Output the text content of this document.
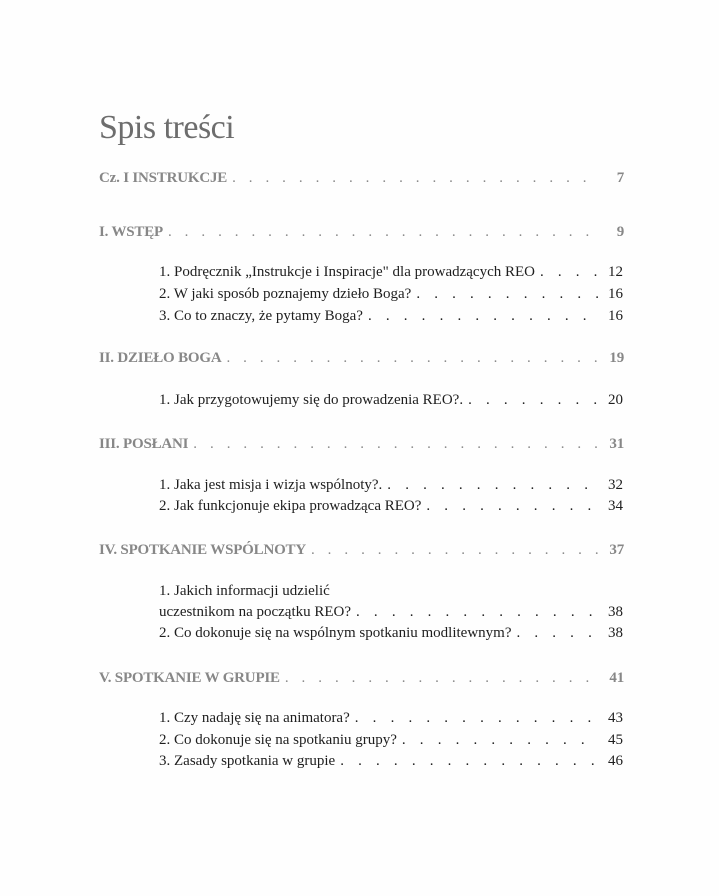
Spis treści
Cz. I INSTRUKCJE . . .	7
I. WSTĘP . . .	9
1. Podręcznik „Instrukcje i Inspiracje" dla prowadzących REO . . .	12
2. W jaki sposób poznajemy dzieło Boga? . . .	16
3. Co to znaczy, że pytamy Boga? . . .	16
II. DZIEŁO BOGA . . .	19
1. Jak przygotowujemy się do prowadzenia REO?. . . .	20
III. POSŁANI . . .	31
1. Jaka jest misja i wizja wspólnoty?. . . .	32
2. Jak funkcjonuje ekipa prowadząca REO? . . .	34
IV. SPOTKANIE WSPÓLNOTY . . .	37
1. Jakich informacji udzielić
uczestnikom na początku REO? . . .	38
2. Co dokonuje się na wspólnym spotkaniu modlitewnym? . . .	38
V. SPOTKANIE W GRUPIE . . .	41
1. Czy nadaję się na animatora? . . .	43
2. Co dokonuje się na spotkaniu grupy? . . .	45
3. Zasady spotkania w grupie . . .	46
